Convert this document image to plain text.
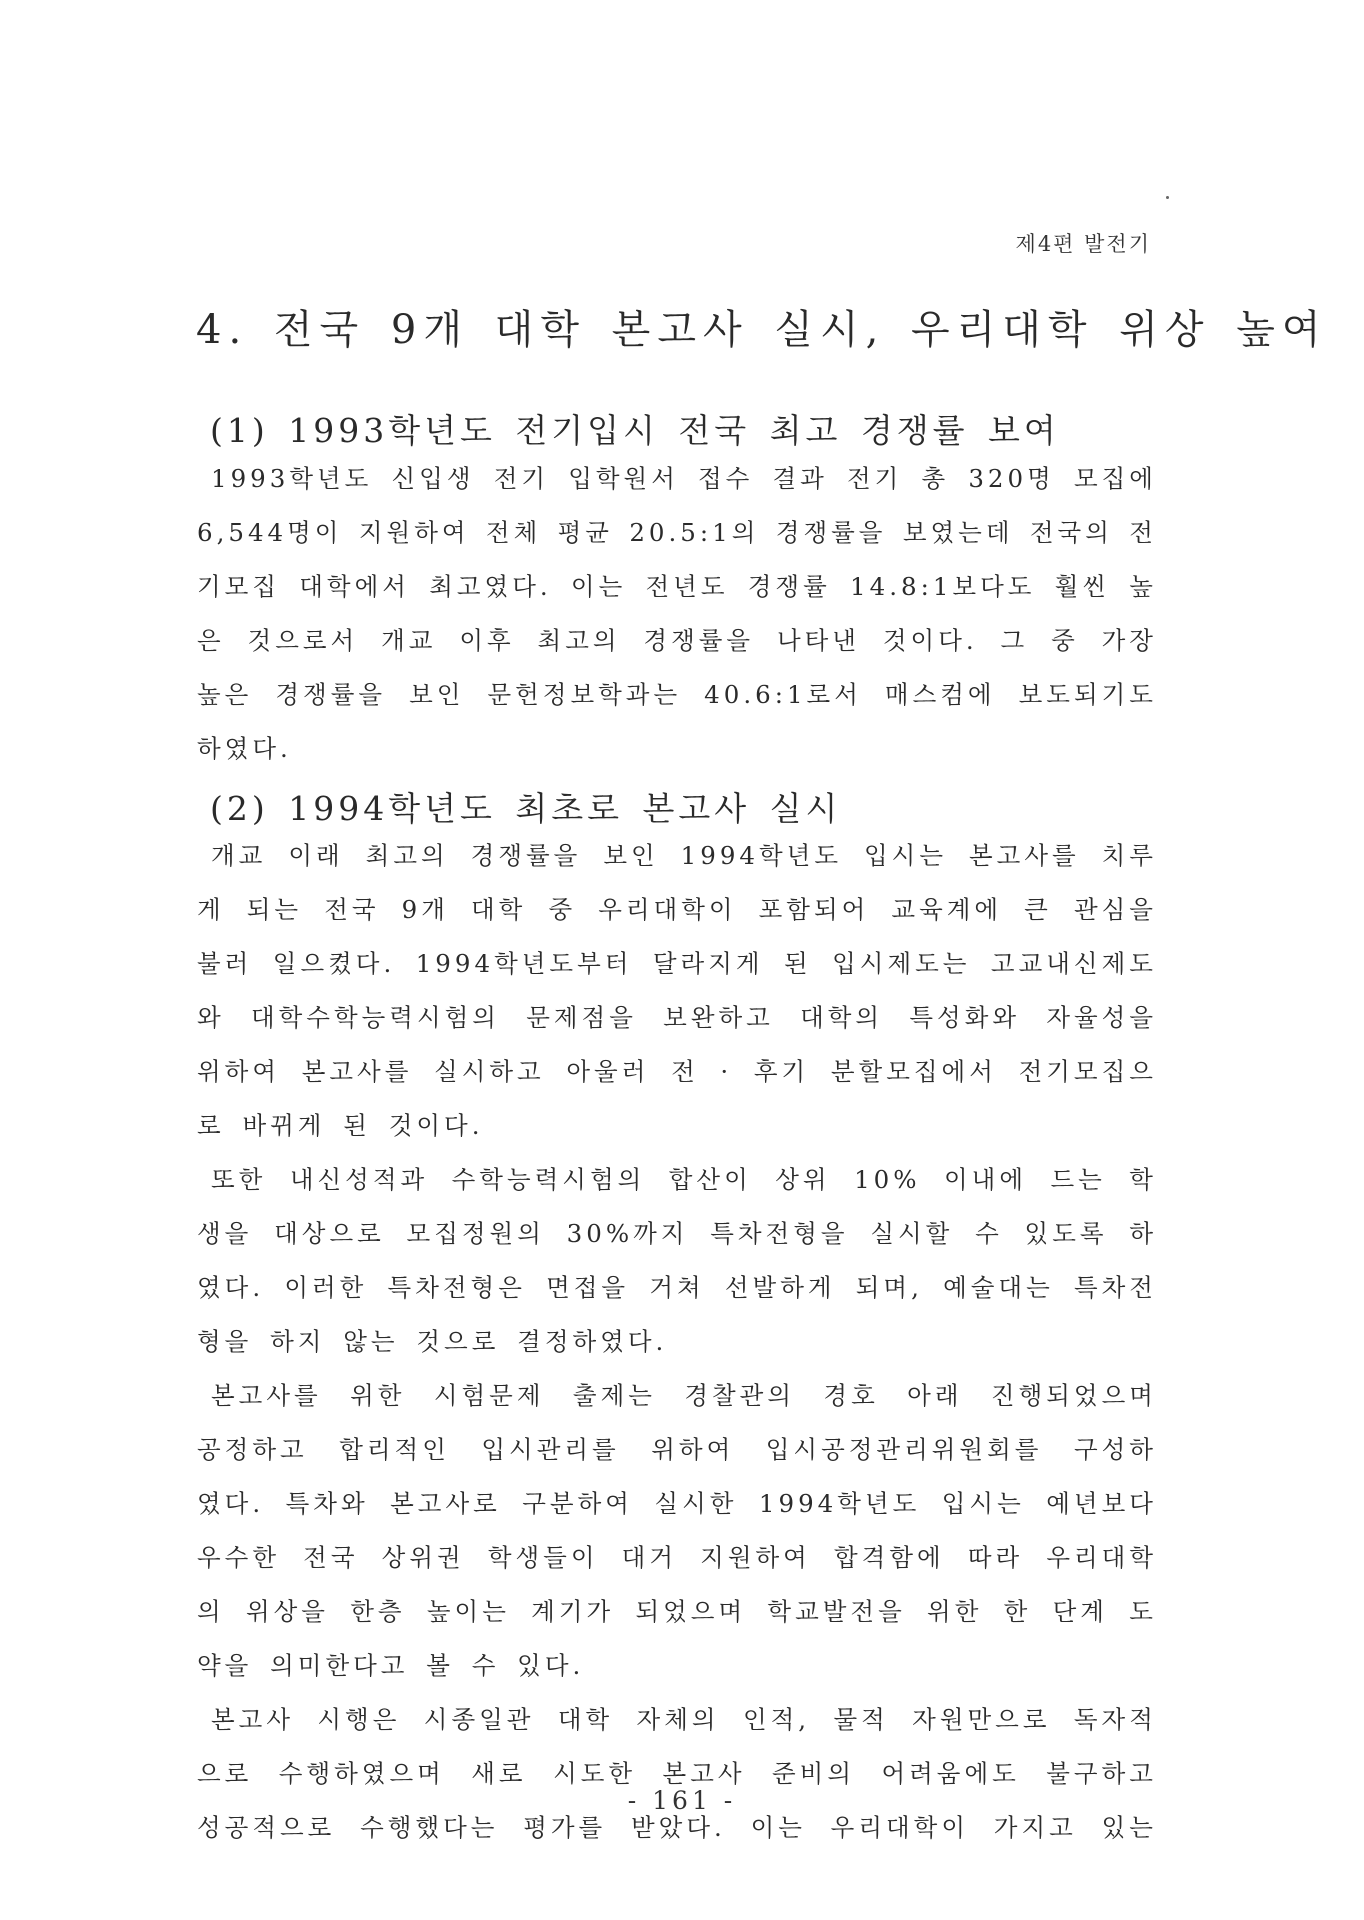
제4편 발전기
4. 전국 9개 대학 본고사 실시, 우리대학 위상 높여
(1) 1993학년도 전기입시 전국 최고 경쟁률 보여
1993학년도 신입생 전기 입학원서 접수 결과 전기 총 320명 모집에
6,544명이 지원하여 전체 평균 20.5:1의 경쟁률을 보였는데 전국의 전
기모집 대학에서 최고였다. 이는 전년도 경쟁률 14.8:1보다도 훨씬 높
은 것으로서 개교 이후 최고의 경쟁률을 나타낸 것이다. 그 중 가장
높은 경쟁률을 보인 문헌정보학과는 40.6:1로서 매스컴에 보도되기도
하였다.
(2) 1994학년도 최초로 본고사 실시
개교 이래 최고의 경쟁률을 보인 1994학년도 입시는 본고사를 치루
게 되는 전국 9개 대학 중 우리대학이 포함되어 교육계에 큰 관심을
불러 일으켰다. 1994학년도부터 달라지게 된 입시제도는 고교내신제도
와 대학수학능력시험의 문제점을 보완하고 대학의 특성화와 자율성을
위하여 본고사를 실시하고 아울러 전 · 후기 분할모집에서 전기모집으
로 바뀌게 된 것이다.
또한 내신성적과 수학능력시험의 합산이 상위 10% 이내에 드는 학
생을 대상으로 모집정원의 30%까지 특차전형을 실시할 수 있도록 하
였다. 이러한 특차전형은 면접을 거쳐 선발하게 되며, 예술대는 특차전
형을 하지 않는 것으로 결정하였다.
본고사를 위한 시험문제 출제는 경찰관의 경호 아래 진행되었으며
공정하고 합리적인 입시관리를 위하여 입시공정관리위원회를 구성하
였다. 특차와 본고사로 구분하여 실시한 1994학년도 입시는 예년보다
우수한 전국 상위권 학생들이 대거 지원하여 합격함에 따라 우리대학
의 위상을 한층 높이는 계기가 되었으며 학교발전을 위한 한 단계 도
약을 의미한다고 볼 수 있다.
본고사 시행은 시종일관 대학 자체의 인적, 물적 자원만으로 독자적
으로 수행하였으며 새로 시도한 본고사 준비의 어려움에도 불구하고
성공적으로 수행했다는 평가를 받았다. 이는 우리대학이 가지고 있는
- 161 -
